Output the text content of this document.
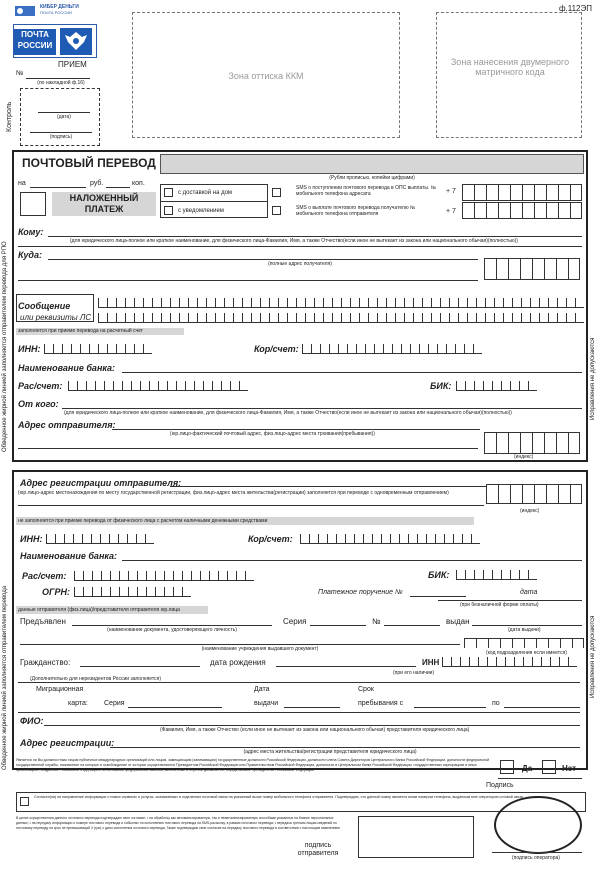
ф.112ЭП
КИБЕР ДЕНЬГИ
ПОЧТА РОССИИ
ПОЧТА
РОССИИ
ПРИЕМ
№
(по накладной ф.16)
(дата)
(подпись)
Контроль
Зона оттиска ККМ
Зона нанесения двумерного матричного кода
Обведенное жирной линией заполняется отправителем перевода для РПО	Исправления не допускаются
ПОЧТОВЫЙ ПЕРЕВОД
(Рубли прописью, копейки цифрами)
на	руб.	коп.
НАЛОЖЕННЫЙ ПЛАТЕЖ
с доставкой на дом
с уведомлением
SMS о поступлении почтового перевода в ОПС выплаты. № мобильного телефона адресата	+ 7
SMS о выплате почтового перевода получателю № мобильного телефона отправителя	+ 7
Кому:
(для юридического лица-полное или краткое наименование, для физического лица-Фамилия, Имя, а также Отчество(если иное не вытекает из закона или национального обычая)(полностью))
Куда:
(полные адрес получателя)
Сообщение
или реквизиты ЛС
заполняется при приеме перевода на расчетный счет
ИНН:	Кор/счет:
Наименование банка:
Рас/счет:	БИК:
От кого:
(для юридического лица-полное или краткое наименование, для физического лица-Фамилия, Имя, а также Отчество(если иное не вытекает из закона или национального обычая)(полностью))
Адрес отправителя:
(юр.лицо-фактический почтовый адрес, физ.лицо-адрес места трхивания(пребывания))
(индекс)
Обведенное жирной линией заполняется отправителем перевода	Исправления не допускаются
Адрес регистрации отправителя:
(юр.лицо-адрес местонахождения по месту государственной регистрации, физ.лицо-адрес места жительства(регистрации) заполняется при переводе с одновременным отправлением)
(индекс)
не заполняется при приеме перевода от физического лица с расчетом наличными денежными средствами
ИНН:	Кор/счет:
Наименование банка:
Рас/счет:	БИК:
ОГРН:	Платежное поручение №	дата
(при безналичной форме оплаты)
данные отправителя (физ.лица)/представителя отправителя юр.лица
Предъявлен
(наименование документа, удостоверяющего личность)
Серия	№	выдан
(дата выдачи)
(наименование учреждения выдавшего документ)
(код подразделения если имеется)
Гражданство:	дата рождения	ИНН
(при его наличии)
(Дополнительно для нерезидентов России заполняется)
Миграционная
карта: Серия
Дата
выдачи
Срок
пребывания с	по
ФИО:
(Фамилия, Имя, а также Отчество (если иное не вытекает из закона или национального обычая) представителя юридического лица)
Адрес регистрации:
(адрес места жительства/регистрации представителя юридического лица)
Является ли Вы должностным лицом публичных международных организаций или лицом, замещающим (занимающим) государственные должности Российской Федерации, должности члена Совета Директоров Центрального банка Российской Федерации, должности федеральной государственной службы, назначение на которые и освобождение от которых осуществляются Президентом Российской Федерации или Правительством Российской Федерации, должности в Центральном банке Российской Федерации, государственных корпорациях и иных организациях, созданных Российской Федерацией на основании федеральных законов, включенные в перечни должностей, определяемые Президентом Российской Федерации	Да	Нет
Подпись
Согласен(на) на направление информации о новых сервисах и услугах, оказываемых в отделениях почтовой связи на указанный выше номер мобильного телефона отправителя. Подтверждаю, что данный номер является моим номером телефона, выданным мне оператором сотовой связи
В целях осуществления данного почтового перевода подтверждаю свое согласие: • на обработку как автоматизированную, так и неавтоматизированную способами указанных на бланке персональных данных; • на передачу информации о номере почтового перевода и событиях по исполнению почтового перевода на SMS-рассылку, в рамках почтового перевода; • передача третьим лицам сведений по почтовому переводу на срок не превышающий 3 (три) с даты исполнения почтового перевода; Также подтверждаю свое согласие на передачу почтового перевода в соответствии с настоящим заявлением
подпись отправителя
(подпись оператора)
